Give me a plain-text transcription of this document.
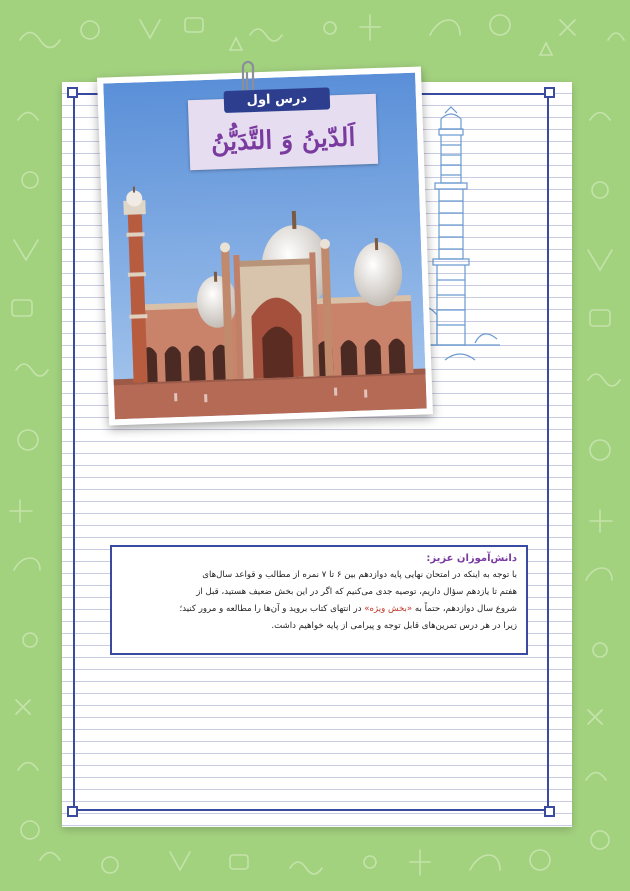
درس اول
اَلدّينُ وَ التَّدَيُّنُ
دانش‌آموزان عزیز:
با توجه به اینکه در امتحان نهایی پایه دوازدهم بین ۶ تا ۷ نمره از مطالب و قواعد سال‌های
هفتم تا یازدهم سؤال داریم، توصیه جدی می‌کنیم که اگر در این بخش ضعیف هستید، قبل از
شروع سال دوازدهم، حتماً به «بخش ویژه» در انتهای کتاب بروید و آن‌ها را مطالعه و مرور کنید؛
زیرا در هر درس تمرین‌های قابل توجه و پیرامی از پایه خواهیم داشت.
